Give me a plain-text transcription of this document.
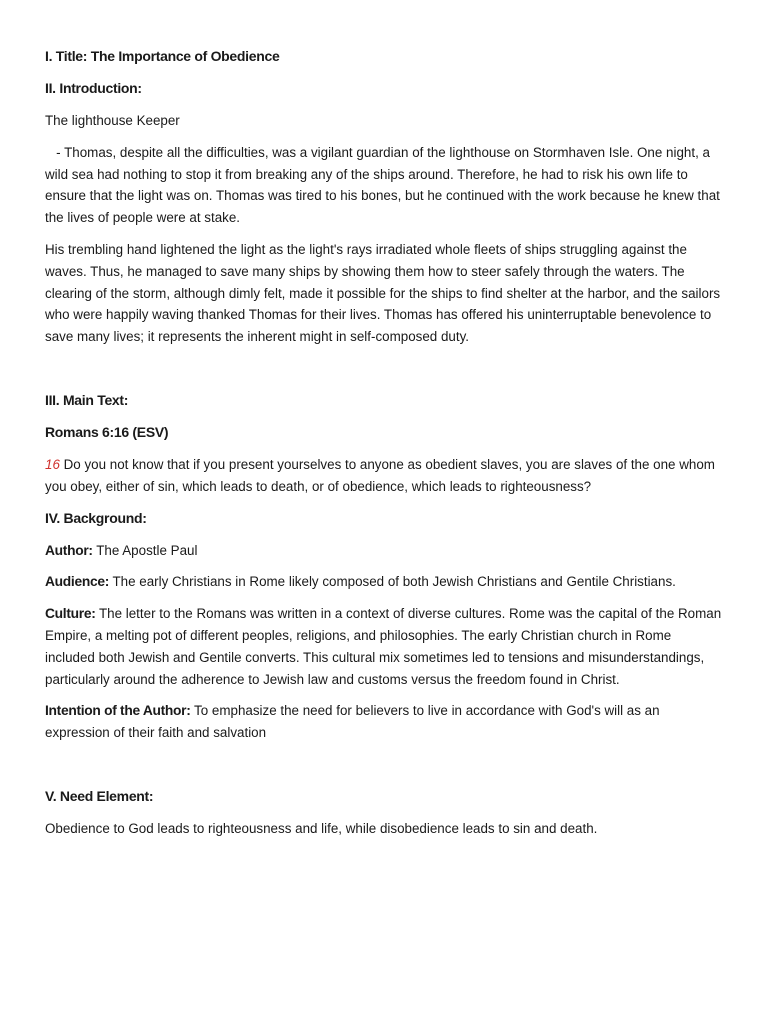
I. Title: The Importance of Obedience
II. Introduction:
The lighthouse Keeper
- Thomas, despite all the difficulties, was a vigilant guardian of the lighthouse on Stormhaven Isle. One night, a wild sea had nothing to stop it from breaking any of the ships around. Therefore, he had to risk his own life to ensure that the light was on. Thomas was tired to his bones, but he continued with the work because he knew that the lives of people were at stake.
His trembling hand lightened the light as the light's rays irradiated whole fleets of ships struggling against the waves. Thus, he managed to save many ships by showing them how to steer safely through the waters. The clearing of the storm, although dimly felt, made it possible for the ships to find shelter at the harbor, and the sailors who were happily waving thanked Thomas for their lives. Thomas has offered his uninterruptable benevolence to save many lives; it represents the inherent might in self-composed duty.
III. Main Text:
Romans 6:16 (ESV)
16 Do you not know that if you present yourselves to anyone as obedient slaves, you are slaves of the one whom you obey, either of sin, which leads to death, or of obedience, which leads to righteousness?
IV. Background:
Author: The Apostle Paul
Audience: The early Christians in Rome likely composed of both Jewish Christians and Gentile Christians.
Culture: The letter to the Romans was written in a context of diverse cultures. Rome was the capital of the Roman Empire, a melting pot of different peoples, religions, and philosophies. The early Christian church in Rome included both Jewish and Gentile converts. This cultural mix sometimes led to tensions and misunderstandings, particularly around the adherence to Jewish law and customs versus the freedom found in Christ.
Intention of the Author: To emphasize the need for believers to live in accordance with God's will as an expression of their faith and salvation
V. Need Element:
Obedience to God leads to righteousness and life, while disobedience leads to sin and death.
